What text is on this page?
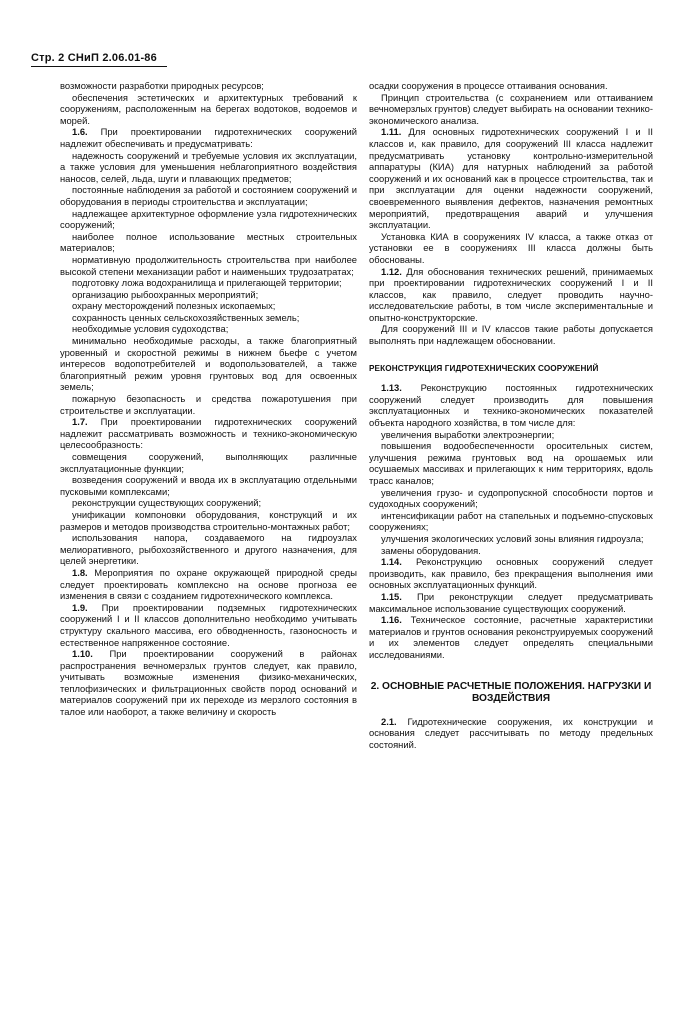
Стр. 2 СНиП 2.06.01-86

возможности разработки природных ресурсов;

обеспечения эстетических и архитектурных требований к сооружениям, расположенным на берегах водотоков, водоемов и морей.

1.6. При проектировании гидротехнических сооружений надлежит обеспечивать и предусматривать:

надежность сооружений и требуемые условия их эксплуатации, а также условия для уменьшения неблагоприятного воздействия наносов, селей, льда, шуги и плавающих предметов;

постоянные наблюдения за работой и состоянием сооружений и оборудования в периоды строительства и эксплуатации;

надлежащее архитектурное оформление узла гидротехнических сооружений;

наиболее полное использование местных строительных материалов;

нормативную продолжительность строительства при наиболее высокой степени механизации работ и наименьших трудозатратах;

подготовку ложа водохранилища и прилегающей территории;

организацию рыбоохранных мероприятий;

охрану месторождений полезных ископаемых;

сохранность ценных сельскохозяйственных земель;

необходимые условия судоходства;

минимально необходимые расходы, а также благоприятный уровенный и скоростной режимы в нижнем бьефе с учетом интересов водопотребителей и водопользователей, а также благоприятный режим уровня грунтовых вод для освоенных земель;

пожарную безопасность и средства пожаротушения при строительстве и эксплуатации.

1.7. При проектировании гидротехнических сооружений надлежит рассматривать возможность и технико-экономическую целесообразность:

совмещения сооружений, выполняющих различные эксплуатационные функции;

возведения сооружений и ввода их в эксплуатацию отдельными пусковыми комплексами;

реконструкции существующих сооружений;

унификации компоновки оборудования, конструкций и их размеров и методов производства строительно-монтажных работ;

использования напора, создаваемого на гидроузлах мелиоративного, рыбохозяйственного и другого назначения, для целей энергетики.

1.8. Мероприятия по охране окружающей природной среды следует проектировать комплексно на основе прогноза ее изменения в связи с созданием гидротехнического комплекса.

1.9. При проектировании подземных гидротехнических сооружений I и II классов дополнительно необходимо учитывать структуру скального массива, его обводненность, газоносность и естественное напряженное состояние.

1.10. При проектировании сооружений в районах распространения вечномерзлых грунтов следует, как правило, учитывать возможные изменения физико-механических, теплофизических и фильтрационных свойств пород оснований и материалов сооружений при их переходе из мерзлого состояния в талое или наоборот, а также величину и скорость

осадки сооружения в процессе оттаивания основания.

Принцип строительства (с сохранением или оттаиванием вечномерзлых грунтов) следует выбирать на основании технико-экономического анализа.

1.11. Для основных гидротехнических сооружений I и II классов и, как правило, для сооружений III класса надлежит предусматривать установку контрольно-измерительной аппаратуры (КИА) для натурных наблюдений за работой сооружений и их оснований как в процессе строительства, так и при эксплуатации для оценки надежности сооружений, своевременного выявления дефектов, назначения ремонтных мероприятий, предотвращения аварий и улучшения эксплуатации.

Установка КИА в сооружениях IV класса, а также отказ от установки ее в сооружениях III класса должны быть обоснованы.

1.12. Для обоснования технических решений, принимаемых при проектировании гидротехнических сооружений I и II классов, как правило, следует проводить научно-исследовательские работы, в том числе экспериментальные и опытно-конструкторские.

Для сооружений III и IV классов такие работы допускается выполнять при надлежащем обосновании.

РЕКОНСТРУКЦИЯ ГИДРОТЕХНИЧЕСКИХ СООРУЖЕНИЙ

1.13. Реконструкцию постоянных гидротехнических сооружений следует производить для повышения эксплуатационных и технико-экономических показателей объекта народного хозяйства, в том числе для:

увеличения выработки электроэнергии;

повышения водообеспеченности оросительных систем, улучшения режима грунтовых вод на орошаемых или осушаемых массивах и прилегающих к ним территориях, вдоль трасс каналов;

увеличения грузо- и судопропускной способности портов и судоходных сооружений;

интенсификации работ на стапельных и подъемно-спусковых сооружениях;

улучшения экологических условий зоны влияния гидроузла;

замены оборудования.

1.14. Реконструкцию основных сооружений следует производить, как правило, без прекращения выполнения ими основных эксплуатационных функций.

1.15. При реконструкции следует предусматривать максимальное использование существующих сооружений.

1.16. Техническое состояние, расчетные характеристики материалов и грунтов основания реконструируемых сооружений и их элементов следует определять специальными исследованиями.

2. ОСНОВНЫЕ РАСЧЕТНЫЕ ПОЛОЖЕНИЯ. НАГРУЗКИ И ВОЗДЕЙСТВИЯ

2.1. Гидротехнические сооружения, их конструкции и основания следует рассчитывать по методу предельных состояний.
